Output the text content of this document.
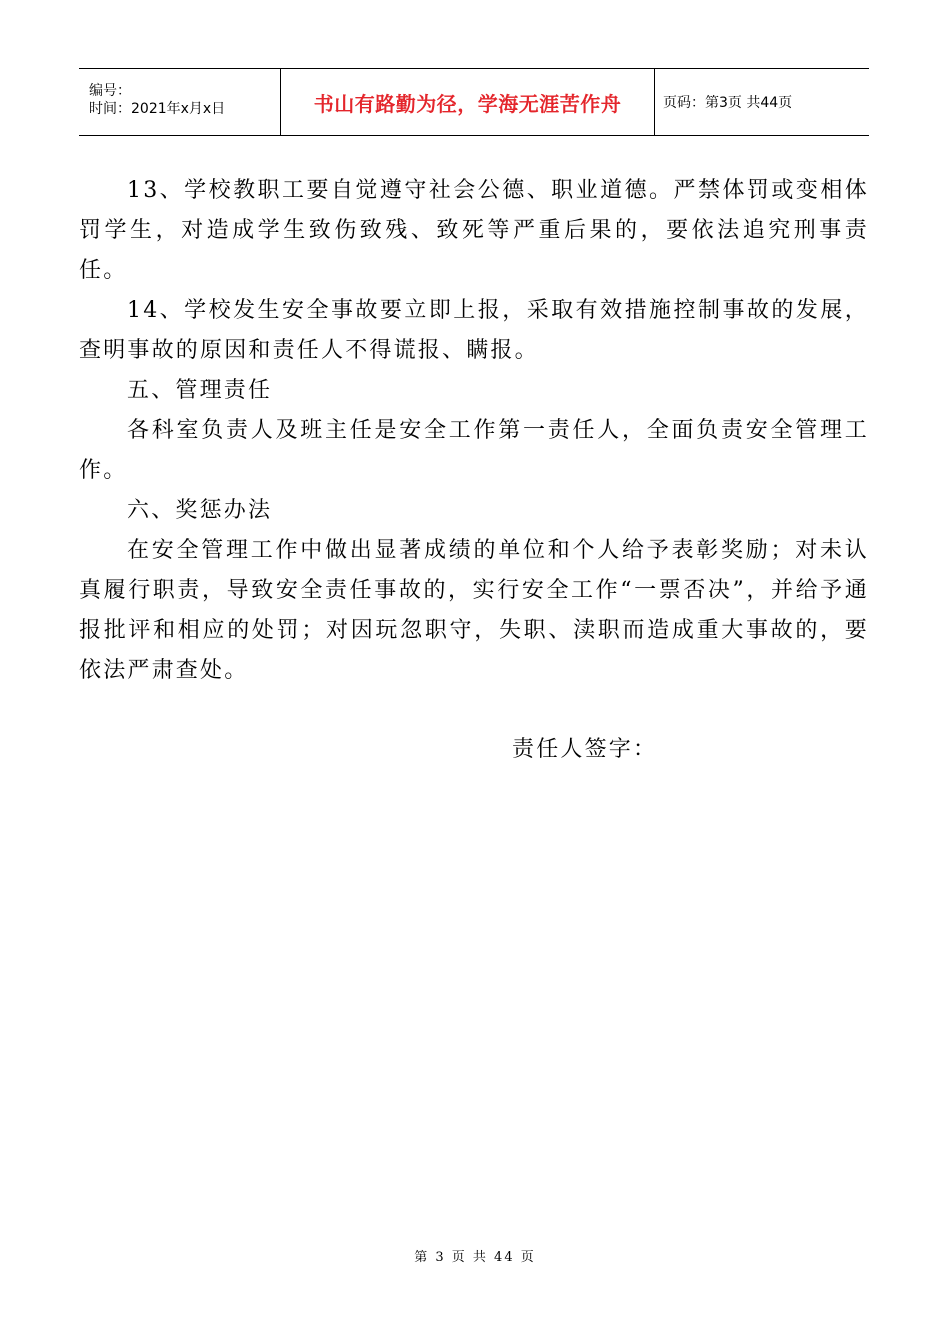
编号：
时间：2021年x月x日	书山有路勤为径，学海无涯苦作舟	页码：第3页 共44页

13、学校教职工要自觉遵守社会公德、职业道德。严禁体罚或变相体罚学生，对造成学生致伤致残、致死等严重后果的，要依法追究刑事责任。

14、学校发生安全事故要立即上报，采取有效措施控制事故的发展，查明事故的原因和责任人不得谎报、瞒报。

五、管理责任

各科室负责人及班主任是安全工作第一责任人，全面负责安全管理工作。

六、奖惩办法

在安全管理工作中做出显著成绩的单位和个人给予表彰奖励；对未认真履行职责，导致安全责任事故的，实行安全工作“一票否决”，并给予通报批评和相应的处罚；对因玩忽职守，失职、渎职而造成重大事故的，要依法严肃查处。

责任人签字：
第 3 页 共 44 页
